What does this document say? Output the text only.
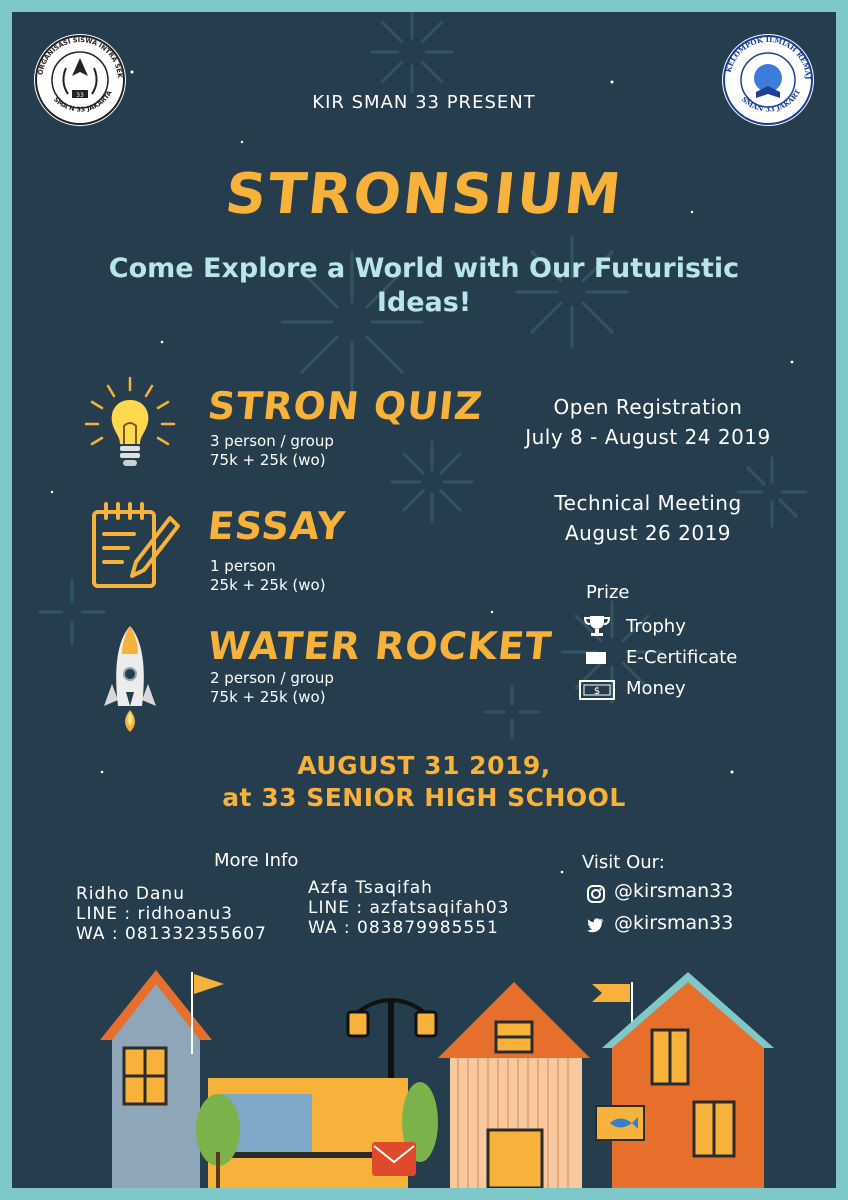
33
ORGANISASI SISWA INTRA SEK
SMA N 33 JAKARTA
KELOMPOK ILMIAH REMAJ
SMAN 33 JAKART
KIR SMAN 33 PRESENT
STRONSIUM
Come Explore a World with Our Futuristic
Ideas!
STRON QUIZ
3 person / group
75k + 25k (wo)
ESSAY
1 person
25k + 25k (wo)
WATER ROCKET
2 person / group
75k + 25k (wo)
Open Registration
July 8 - August 24 2019
Technical Meeting
August 26 2019
Prize
Trophy
E-Certificate
$ Money
AUGUST 31 2019,
at 33 SENIOR HIGH SCHOOL
More Info
Ridho Danu
LINE : ridhoanu3
WA : 081332355607
Azfa Tsaqifah
LINE : azfatsaqifah03
WA : 083879985551
Visit Our:
@kirsman33
@kirsman33
